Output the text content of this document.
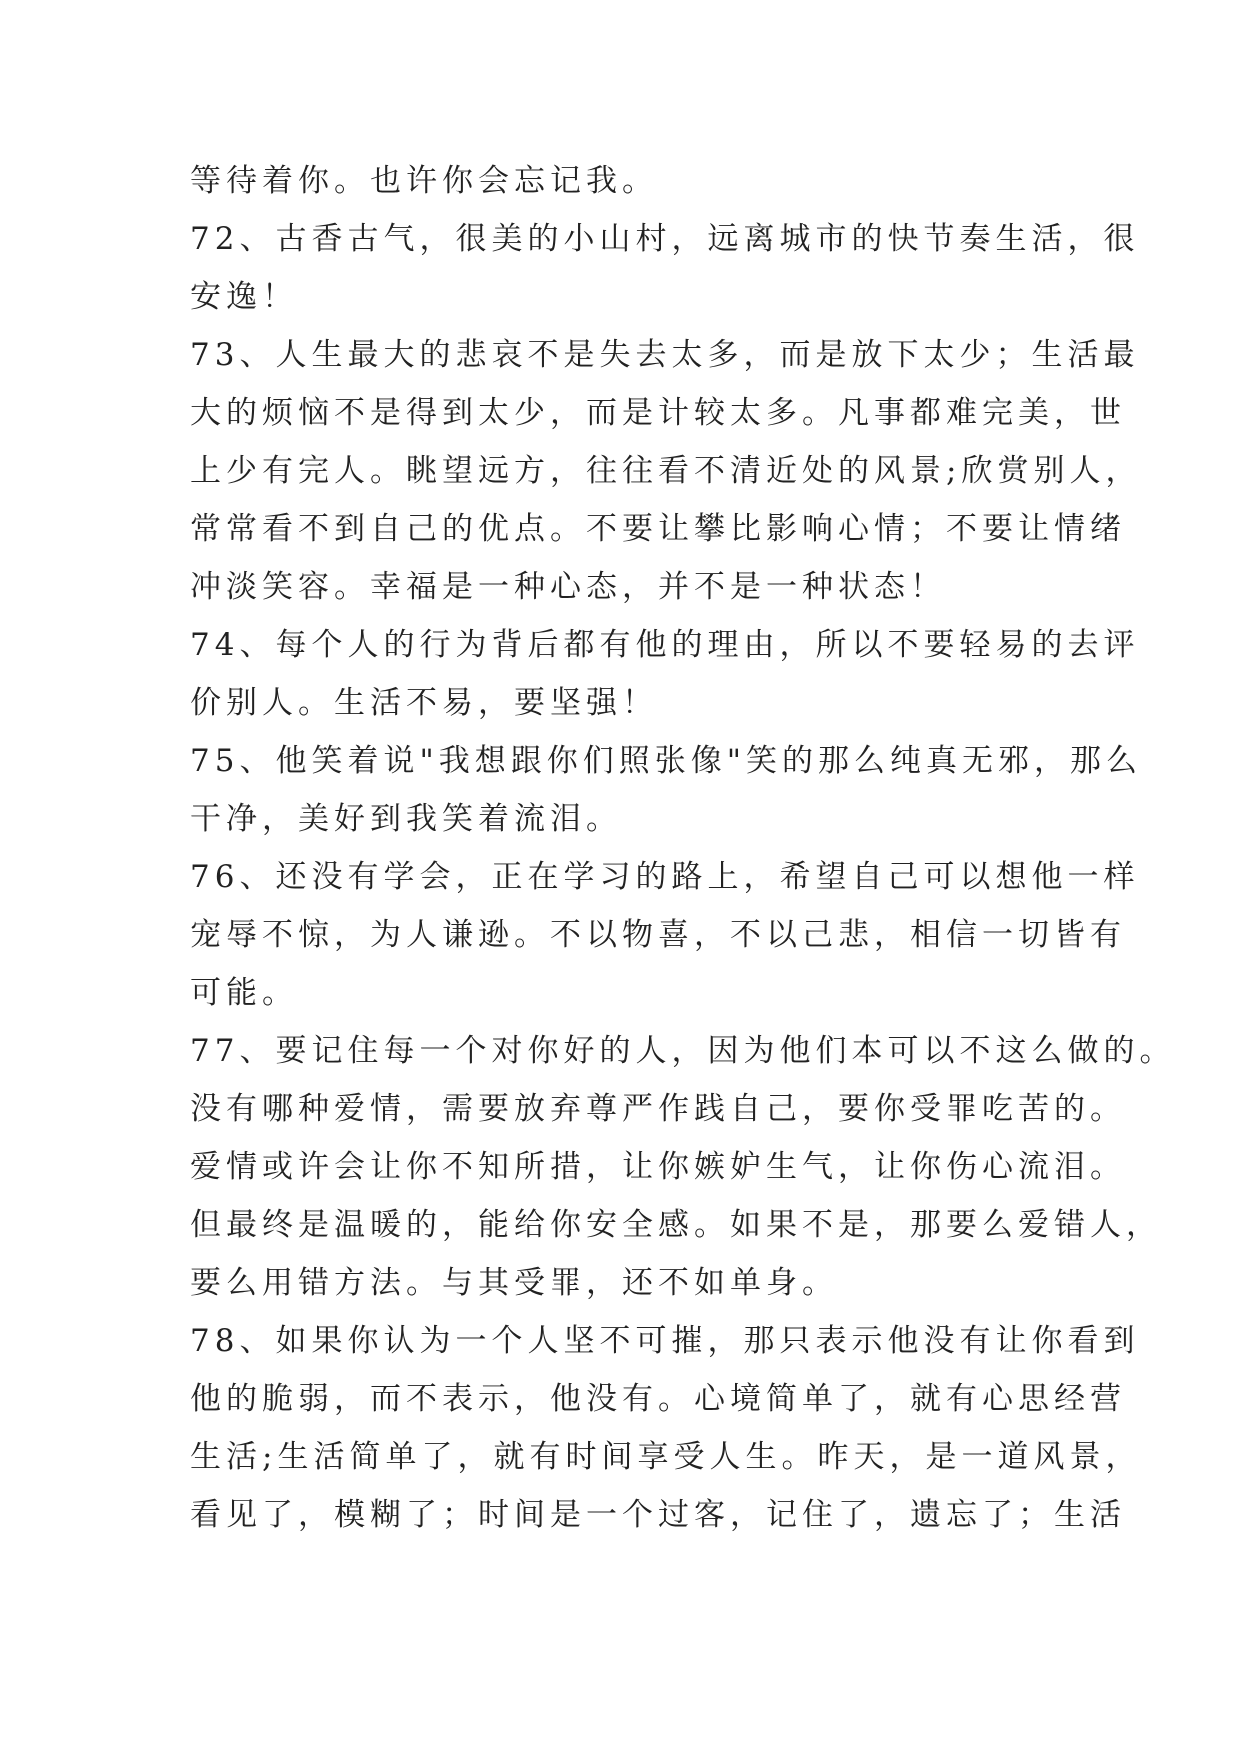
等待着你。也许你会忘记我。
72、古香古气，很美的小山村，远离城市的快节奏生活，很
安逸！
73、人生最大的悲哀不是失去太多，而是放下太少；生活最
大的烦恼不是得到太少，而是计较太多。凡事都难完美，世
上少有完人。眺望远方，往往看不清近处的风景;欣赏别人，
常常看不到自己的优点。不要让攀比影响心情；不要让情绪
冲淡笑容。幸福是一种心态，并不是一种状态！
74、每个人的行为背后都有他的理由，所以不要轻易的去评
价别人。生活不易，要坚强！
75、他笑着说"我想跟你们照张像"笑的那么纯真无邪，那么
干净，美好到我笑着流泪。
76、还没有学会，正在学习的路上，希望自己可以想他一样
宠辱不惊，为人谦逊。不以物喜，不以己悲，相信一切皆有
可能。
77、要记住每一个对你好的人，因为他们本可以不这么做的。
没有哪种爱情，需要放弃尊严作践自己，要你受罪吃苦的。
爱情或许会让你不知所措，让你嫉妒生气，让你伤心流泪。
但最终是温暖的，能给你安全感。如果不是，那要么爱错人，
要么用错方法。与其受罪，还不如单身。
78、如果你认为一个人坚不可摧，那只表示他没有让你看到
他的脆弱，而不表示，他没有。心境简单了，就有心思经营
生活;生活简单了，就有时间享受人生。昨天，是一道风景，
看见了，模糊了；时间是一个过客，记住了，遗忘了；生活
